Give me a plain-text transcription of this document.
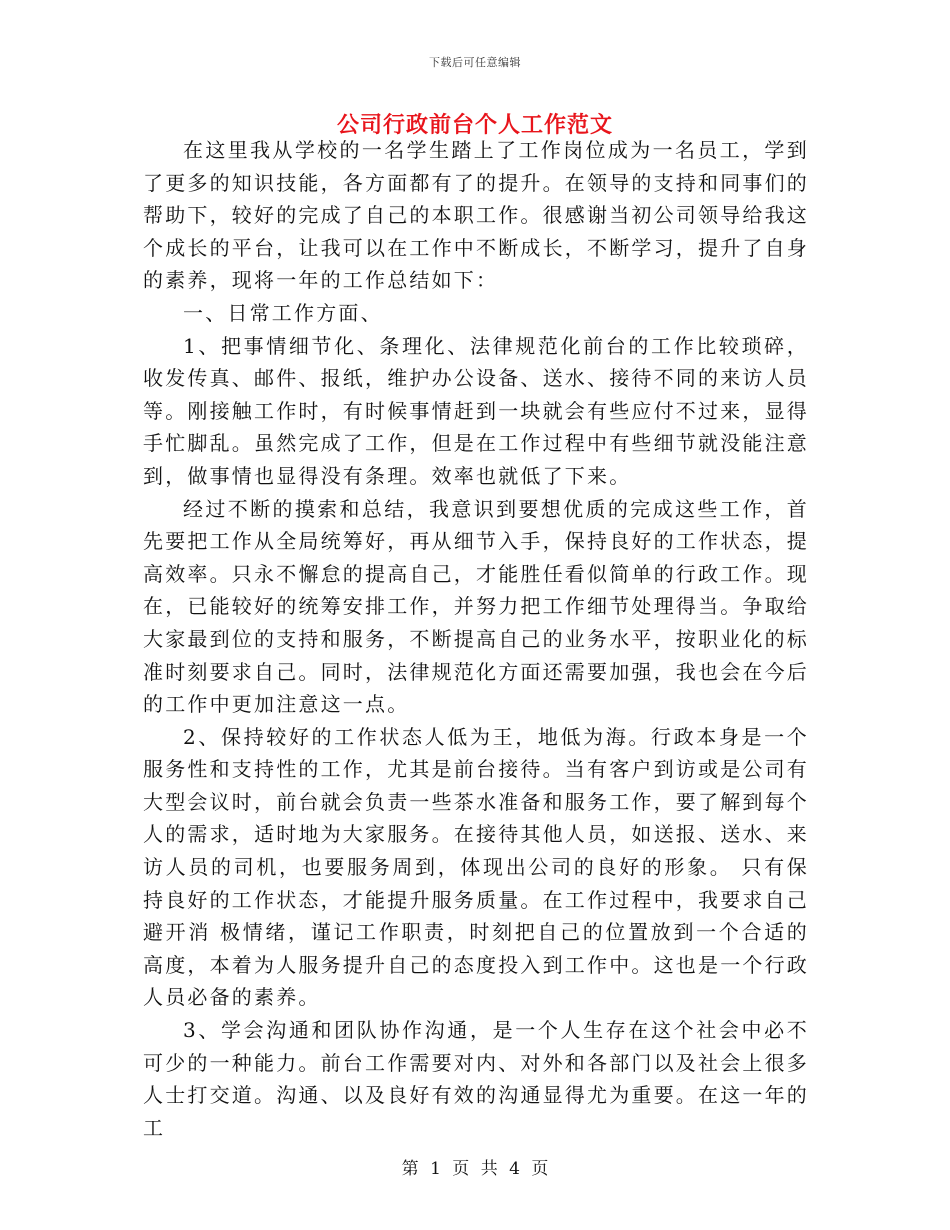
下载后可任意编辑
公司行政前台个人工作范文

在这里我从学校的一名学生踏上了工作岗位成为一名员工，学到了更多的知识技能，各方面都有了的提升。在领导的支持和同事们的帮助下，较好的完成了自己的本职工作。很感谢当初公司领导给我这个成长的平台，让我可以在工作中不断成长，不断学习，提升了自身的素养，现将一年的工作总结如下：

一、日常工作方面、

1、把事情细节化、条理化、法律规范化前台的工作比较琐碎，收发传真、邮件、报纸，维护办公设备、送水、接待不同的来访人员等。刚接触工作时，有时候事情赶到一块就会有些应付不过来，显得手忙脚乱。虽然完成了工作，但是在工作过程中有些细节就没能注意到，做事情也显得没有条理。效率也就低了下来。

经过不断的摸索和总结，我意识到要想优质的完成这些工作，首先要把工作从全局统筹好，再从细节入手，保持良好的工作状态，提高效率。只永不懈怠的提高自己，才能胜任看似简单的行政工作。现在，已能较好的统筹安排工作，并努力把工作细节处理得当。争取给大家最到位的支持和服务，不断提高自己的业务水平，按职业化的标准时刻要求自己。同时，法律规范化方面还需要加强，我也会在今后的工作中更加注意这一点。

2、保持较好的工作状态人低为王，地低为海。行政本身是一个服务性和支持性的工作，尤其是前台接待。当有客户到访或是公司有大型会议时，前台就会负责一些茶水准备和服务工作，要了解到每个人的需求，适时地为大家服务。在接待其他人员，如送报、送水、来访人员的司机，也要服务周到，体现出公司的良好的形象。 只有保持良好的工作状态，才能提升服务质量。在工作过程中，我要求自己避开消 极情绪，谨记工作职责，时刻把自己的位置放到一个合适的高度，本着为人服务提升自己的态度投入到工作中。这也是一个行政人员必备的素养。

3、学会沟通和团队协作沟通，是一个人生存在这个社会中必不可少的一种能力。前台工作需要对内、对外和各部门以及社会上很多人士打交道。沟通、以及良好有效的沟通显得尤为重要。在这一年的工

第 1 页 共 4 页
